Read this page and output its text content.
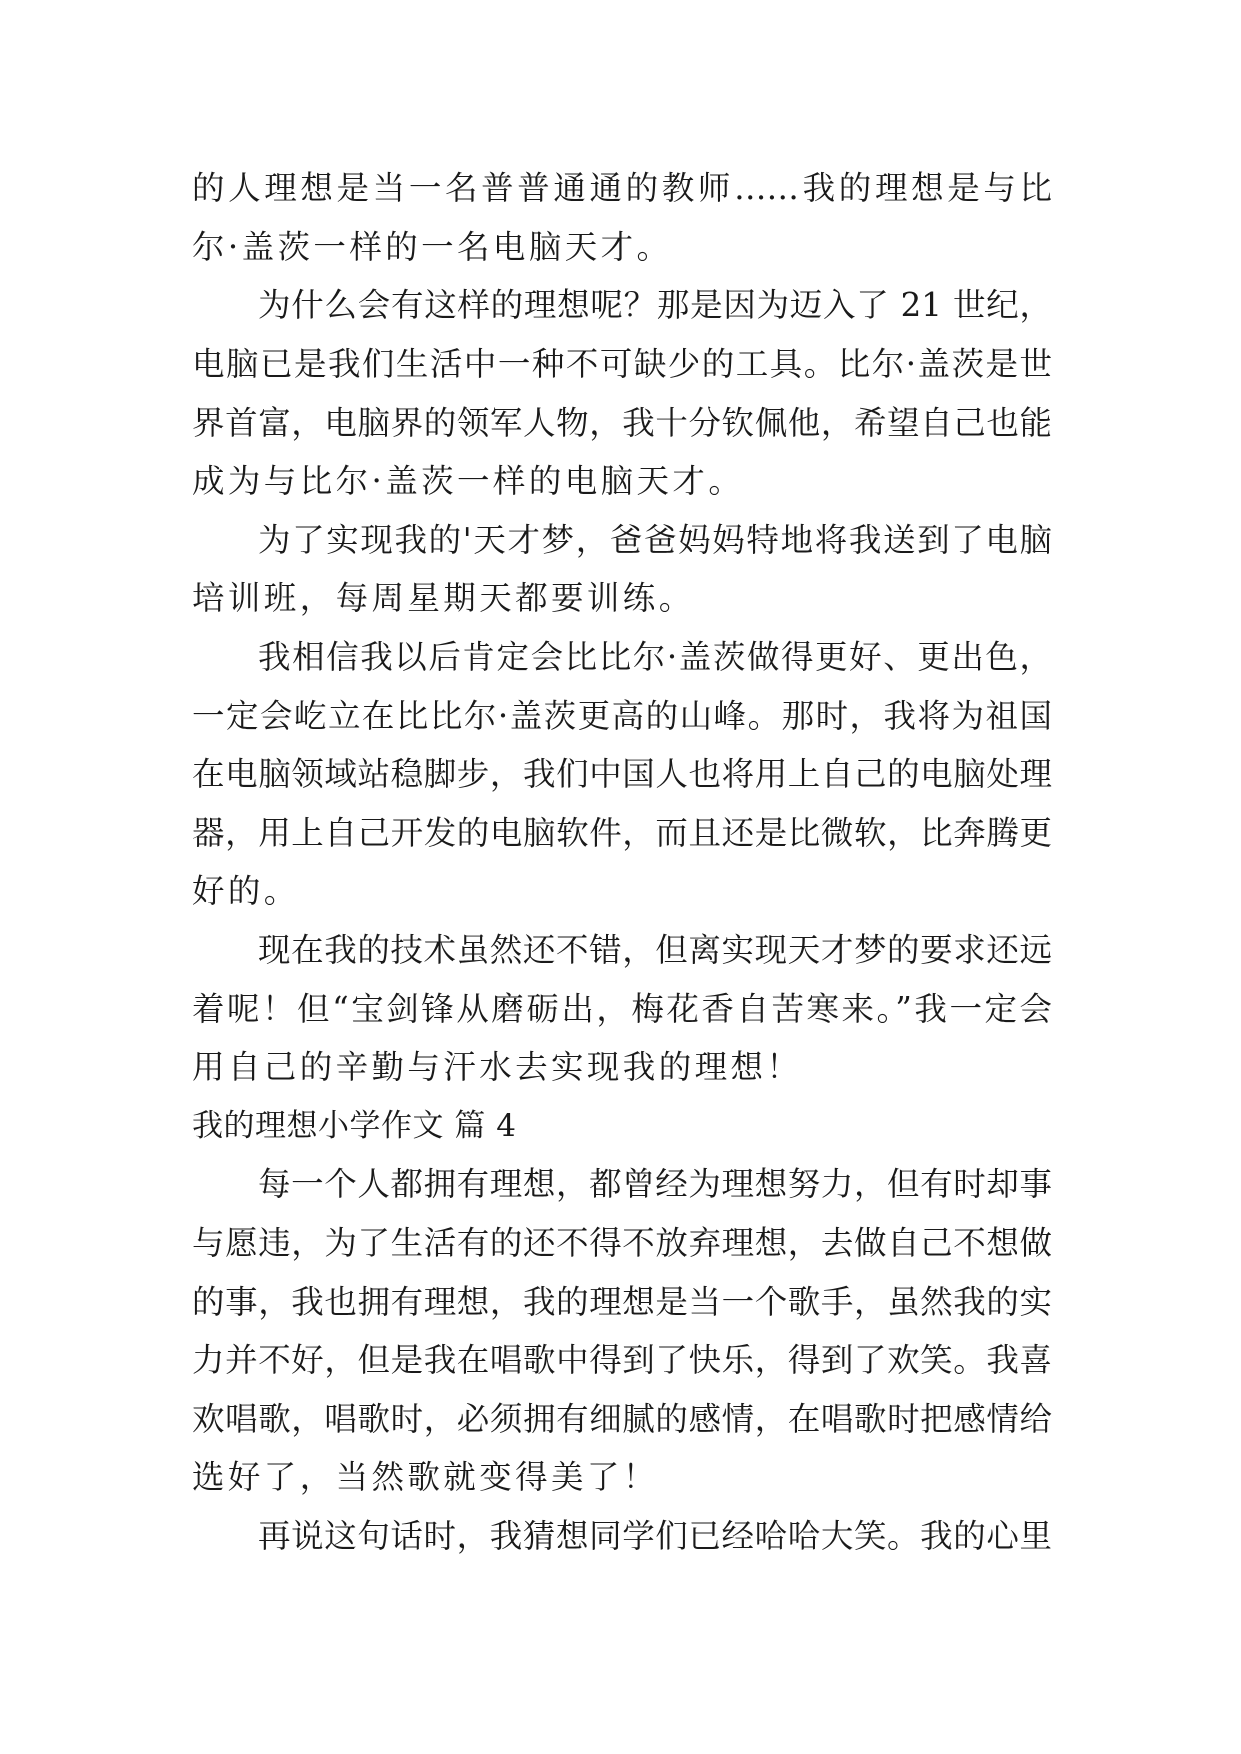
的人理想是当一名普普通通的教师……我的理想是与比
尔·盖茨一样的一名电脑天才。
为什么会有这样的理想呢？那是因为迈入了 21 世纪，
电脑已是我们生活中一种不可缺少的工具。比尔·盖茨是世
界首富，电脑界的领军人物，我十分钦佩他，希望自己也能
成为与比尔·盖茨一样的电脑天才。
为了实现我的'天才梦，爸爸妈妈特地将我送到了电脑
培训班，每周星期天都要训练。
我相信我以后肯定会比比尔·盖茨做得更好、更出色，
一定会屹立在比比尔·盖茨更高的山峰。那时，我将为祖国
在电脑领域站稳脚步，我们中国人也将用上自己的电脑处理
器，用上自己开发的电脑软件，而且还是比微软，比奔腾更
好的。
现在我的技术虽然还不错，但离实现天才梦的要求还远
着呢！但“宝剑锋从磨砺出，梅花香自苦寒来。”我一定会
用自己的辛勤与汗水去实现我的理想！
我的理想小学作文 篇 4
每一个人都拥有理想，都曾经为理想努力，但有时却事
与愿违，为了生活有的还不得不放弃理想，去做自己不想做
的事，我也拥有理想，我的理想是当一个歌手，虽然我的实
力并不好，但是我在唱歌中得到了快乐，得到了欢笑。我喜
欢唱歌，唱歌时，必须拥有细腻的感情，在唱歌时把感情给
选好了，当然歌就变得美了！
再说这句话时，我猜想同学们已经哈哈大笑。我的心里
